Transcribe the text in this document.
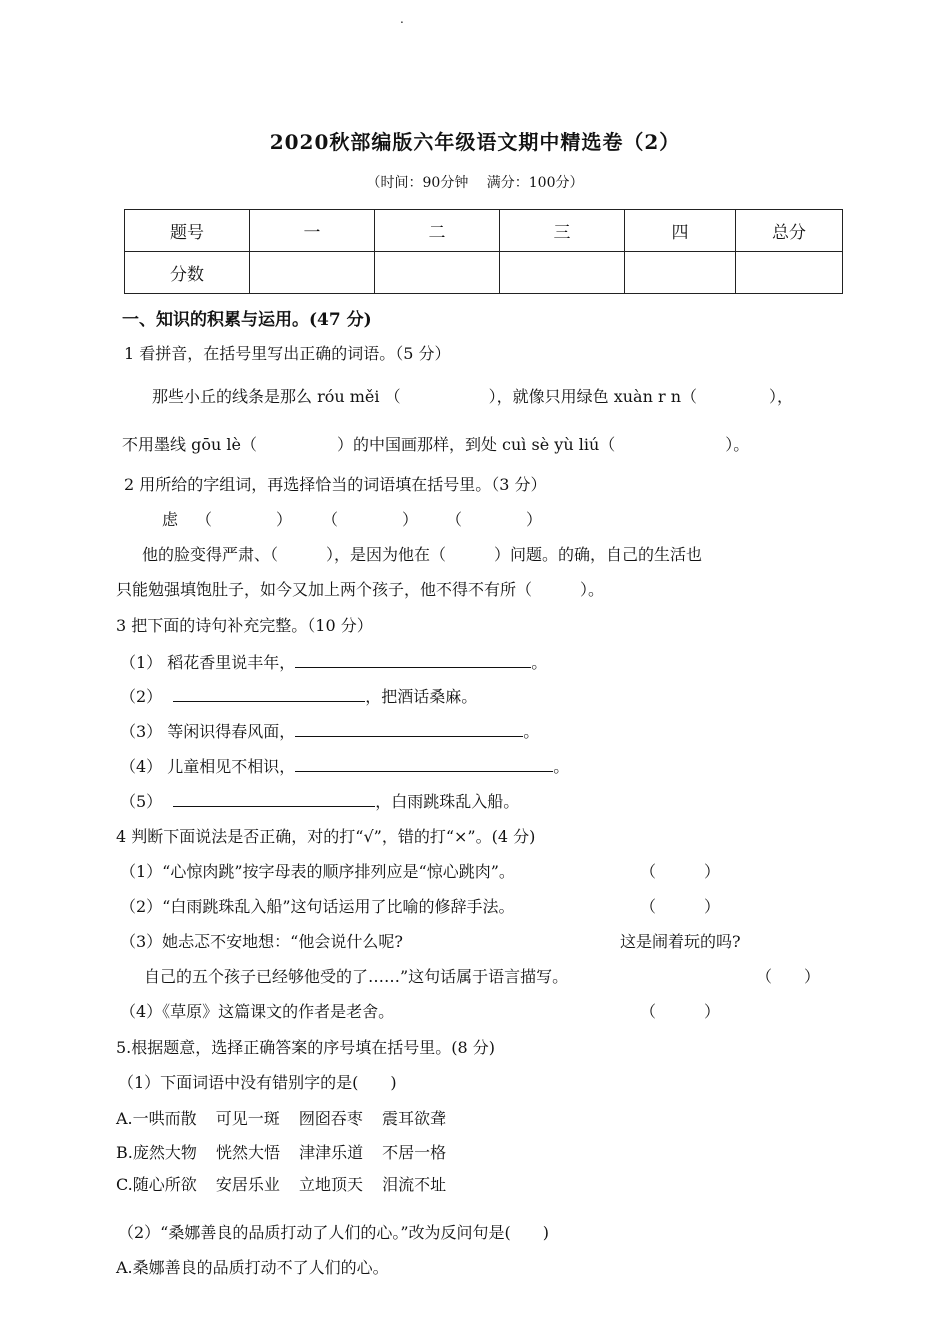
.
2020秋部编版六年级语文期中精选卷（2）
（时间：90分钟　 满分：100分）
题号	一	二	三	四	总分
分数					
一、知识的积累与运用。(47 分)
1 看拼音，在括号里写出正确的词语。（5 分）
那些小丘的线条是那么 róu měi （	），就像只用绿色 xuàn r n（	），
不用墨线 gōu lè（	）的中国画那样，到处 cuì sè yù liú（	）。
2 用所给的字组词，再选择恰当的词语填在括号里。（3 分）
虑 （　　　　） （　　　　） （　　　　）
他的脸变得严肃、（　　　），是因为他在（　　　）问题。的确，自己的生活也
只能勉强填饱肚子，如今又加上两个孩子，他不得不有所（　　　）。
3 把下面的诗句补充完整。（10 分）
（1） 稻花香里说丰年，	。
（2）	，把酒话桑麻。
（3） 等闲识得春风面，	。
（4） 儿童相见不相识，	。
（5）	，白雨跳珠乱入船。
4 判断下面说法是否正确，对的打“√”，错的打“×”。(4 分)
（1）“心惊肉跳”按字母表的顺序排列应是“惊心跳肉”。	（　　　）
（2）“白雨跳珠乱入船”这句话运用了比喻的修辞手法。	（　　　）
（3）她忐忑不安地想：“他会说什么呢?	这是闹着玩的吗?
自己的五个孩子已经够他受的了……”这句话属于语言描写。	（　　）
（4）《草原》这篇课文的作者是老舍。	（　　　）
5.根据题意，选择正确答案的序号填在括号里。(8 分)
（1）下面词语中没有错别字的是(　　)
A.一哄而散 可见一斑 囫囵吞枣 震耳欲聋
B.庞然大物 恍然大悟 津津乐道 不居一格
C.随心所欲 安居乐业 立地顶天 泪流不址
（2）“桑娜善良的品质打动了人们的心。”改为反问句是(　　)
A.桑娜善良的品质打动不了人们的心。
